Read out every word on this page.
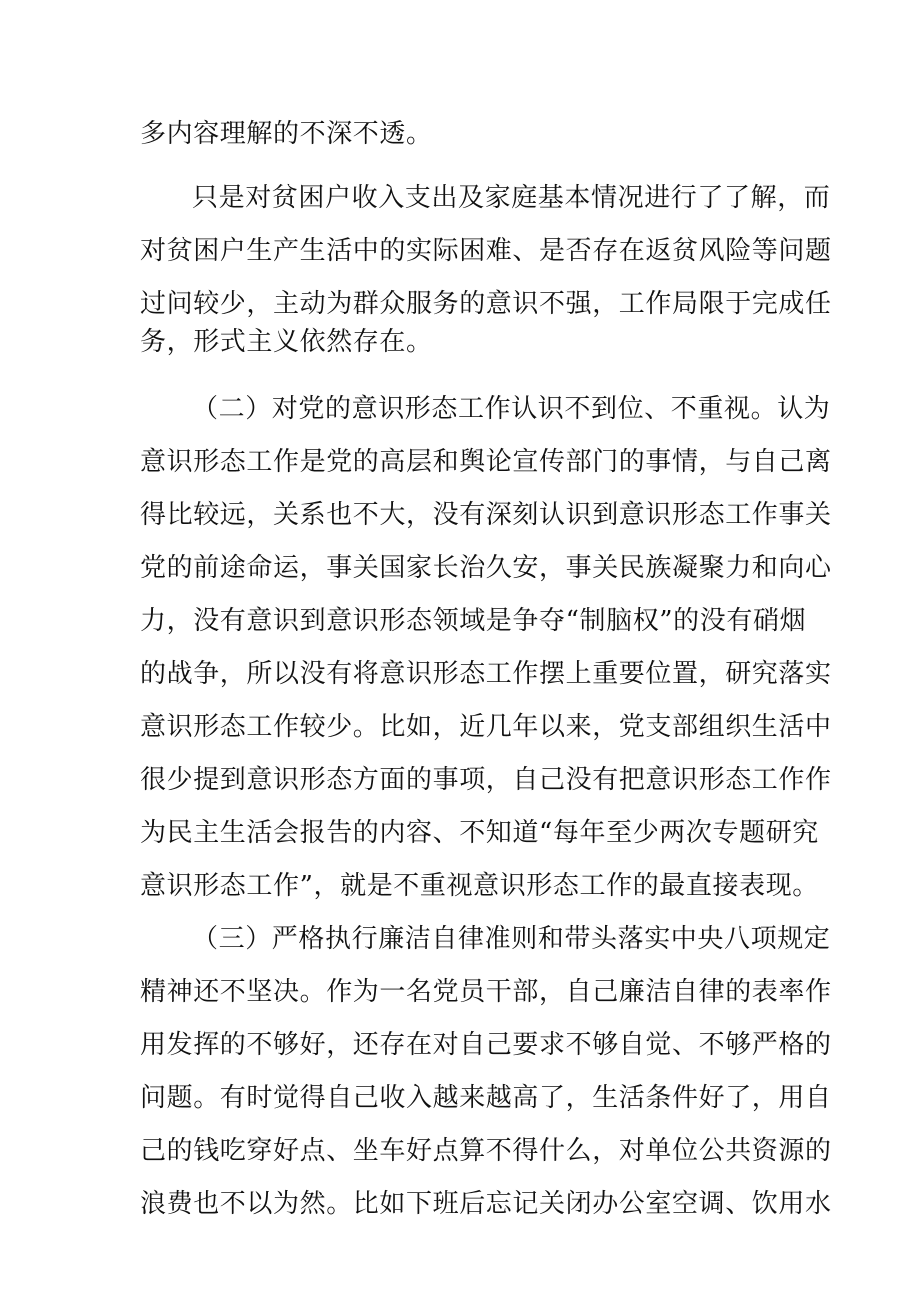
多内容理解的不深不透。
只是对贫困户收入支出及家庭基本情况进行了了解，而
对贫困户生产生活中的实际困难、是否存在返贫风险等问题
过问较少，主动为群众服务的意识不强，工作局限于完成任
务，形式主义依然存在。
（二）对党的意识形态工作认识不到位、不重视。认为
意识形态工作是党的高层和舆论宣传部门的事情，与自己离
得比较远，关系也不大，没有深刻认识到意识形态工作事关
党的前途命运，事关国家长治久安，事关民族凝聚力和向心
力，没有意识到意识形态领域是争夺“制脑权”的没有硝烟
的战争，所以没有将意识形态工作摆上重要位置，研究落实
意识形态工作较少。比如，近几年以来，党支部组织生活中
很少提到意识形态方面的事项，自己没有把意识形态工作作
为民主生活会报告的内容、不知道“每年至少两次专题研究
意识形态工作”，就是不重视意识形态工作的最直接表现。
（三）严格执行廉洁自律准则和带头落实中央八项规定
精神还不坚决。作为一名党员干部，自己廉洁自律的表率作
用发挥的不够好，还存在对自己要求不够自觉、不够严格的
问题。有时觉得自己收入越来越高了，生活条件好了，用自
己的钱吃穿好点、坐车好点算不得什么，对单位公共资源的
浪费也不以为然。比如下班后忘记关闭办公室空调、饮用水
